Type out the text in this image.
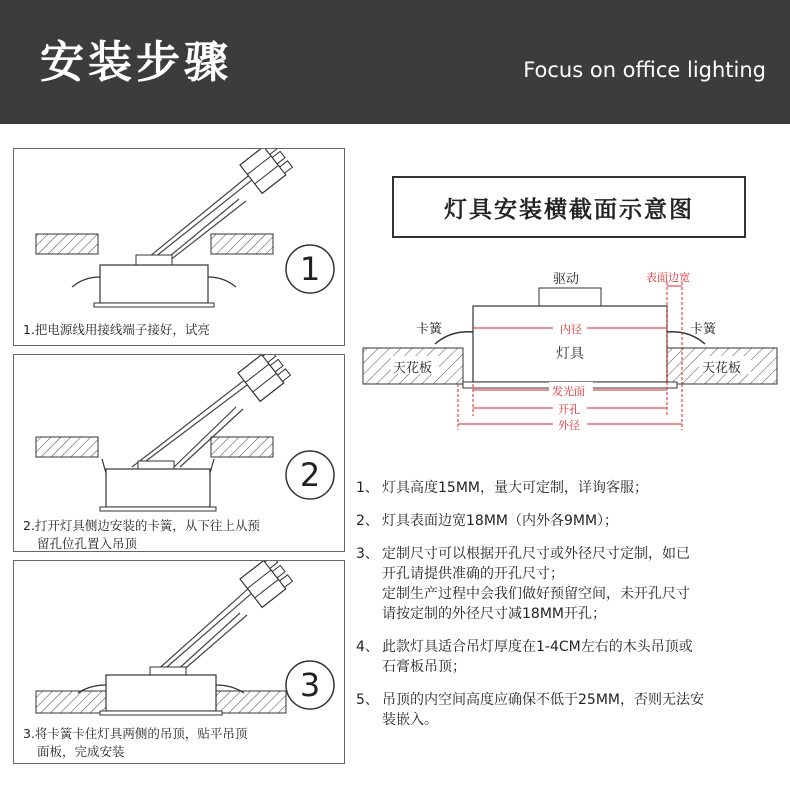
安装步骤	Focus on office lighting
1
1.把电源线用接线端子接好，试亮
2
2.打开灯具侧边安装的卡簧，从下往上从预
留孔位孔置入吊顶
3
3.将卡簧卡住灯具两侧的吊顶，贴平吊顶
面板，完成安装
灯具安装横截面示意图
驱动	表面边宽
卡簧	卡簧
内径
灯具
天花板	天花板
发光面
开孔
外径
1、 灯具高度15MM，量大可定制，详询客服；
2、 灯具表面边宽18MM（内外各9MM）；
3、 定制尺寸可以根据开孔尺寸或外径尺寸定制，如已
开孔请提供准确的开孔尺寸；
定制生产过程中会我们做好预留空间，未开孔尺寸
请按定制的外径尺寸减18MM开孔；
4、 此款灯具适合吊灯厚度在1-4CM左右的木头吊顶或
石膏板吊顶；
5、 吊顶的内空间高度应确保不低于25MM，否则无法安
装嵌入。
